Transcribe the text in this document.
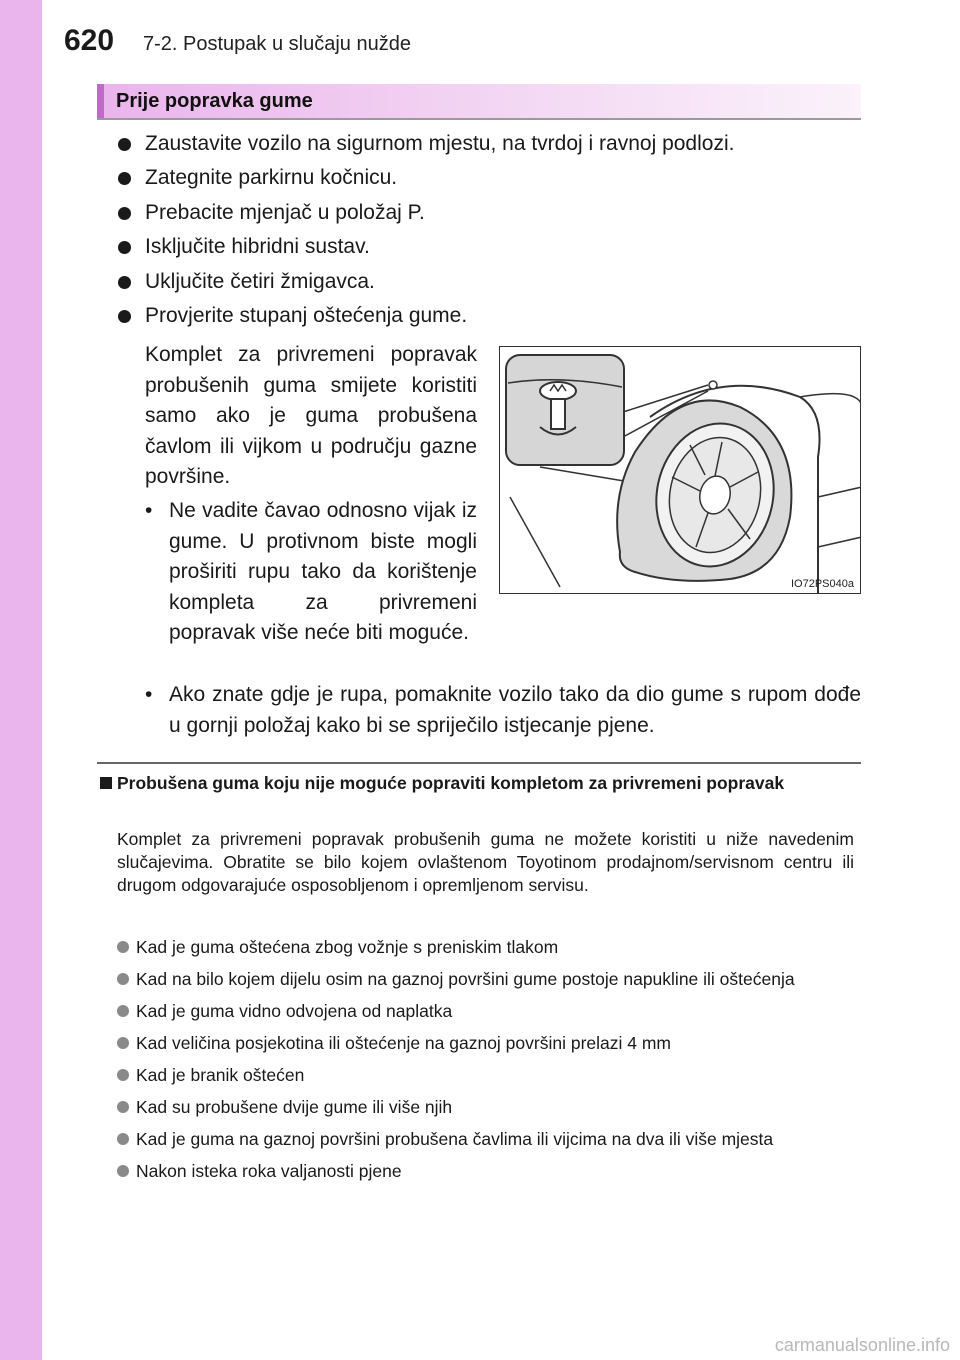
620 7-2. Postupak u slučaju nužde
Prije popravka gume
Zaustavite vozilo na sigurnom mjestu, na tvrdoj i ravnoj podlozi.
Zategnite parkirnu kočnicu.
Prebacite mjenjač u položaj P.
Isključite hibridni sustav.
Uključite četiri žmigavca.
Provjerite stupanj oštećenja gume.

Komplet za privremeni popravak probušenih guma smijete koristiti samo ako je guma probušena čavlom ili vijkom u području gazne površine.

• Ne vadite čavao odnosno vijak iz gume. U protivnom biste mogli proširiti rupu tako da korištenje kompleta za privremeni popravak više neće biti moguće.
IO72PS040a
• Ako znate gdje je rupa, pomaknite vozilo tako da dio gume s rupom dođe u gornji položaj kako bi se spriječilo istjecanje pjene.
Probušena guma koju nije moguće popraviti kompletom za privremeni popravak

Komplet za privremeni popravak probušenih guma ne možete koristiti u niže navedenim slučajevima. Obratite se bilo kojem ovlaštenom Toyotinom prodajnom/servisnom centru ili drugom odgovarajuće osposobljenom i opremljenom servisu.

Kad je guma oštećena zbog vožnje s preniskim tlakom
Kad na bilo kojem dijelu osim na gaznoj površini gume postoje napukline ili oštećenja
Kad je guma vidno odvojena od naplatka
Kad veličina posjekotina ili oštećenje na gaznoj površini prelazi 4 mm
Kad je branik oštećen
Kad su probušene dvije gume ili više njih
Kad je guma na gaznoj površini probušena čavlima ili vijcima na dva ili više mjesta
Nakon isteka roka valjanosti pjene
carmanualsonline.info
